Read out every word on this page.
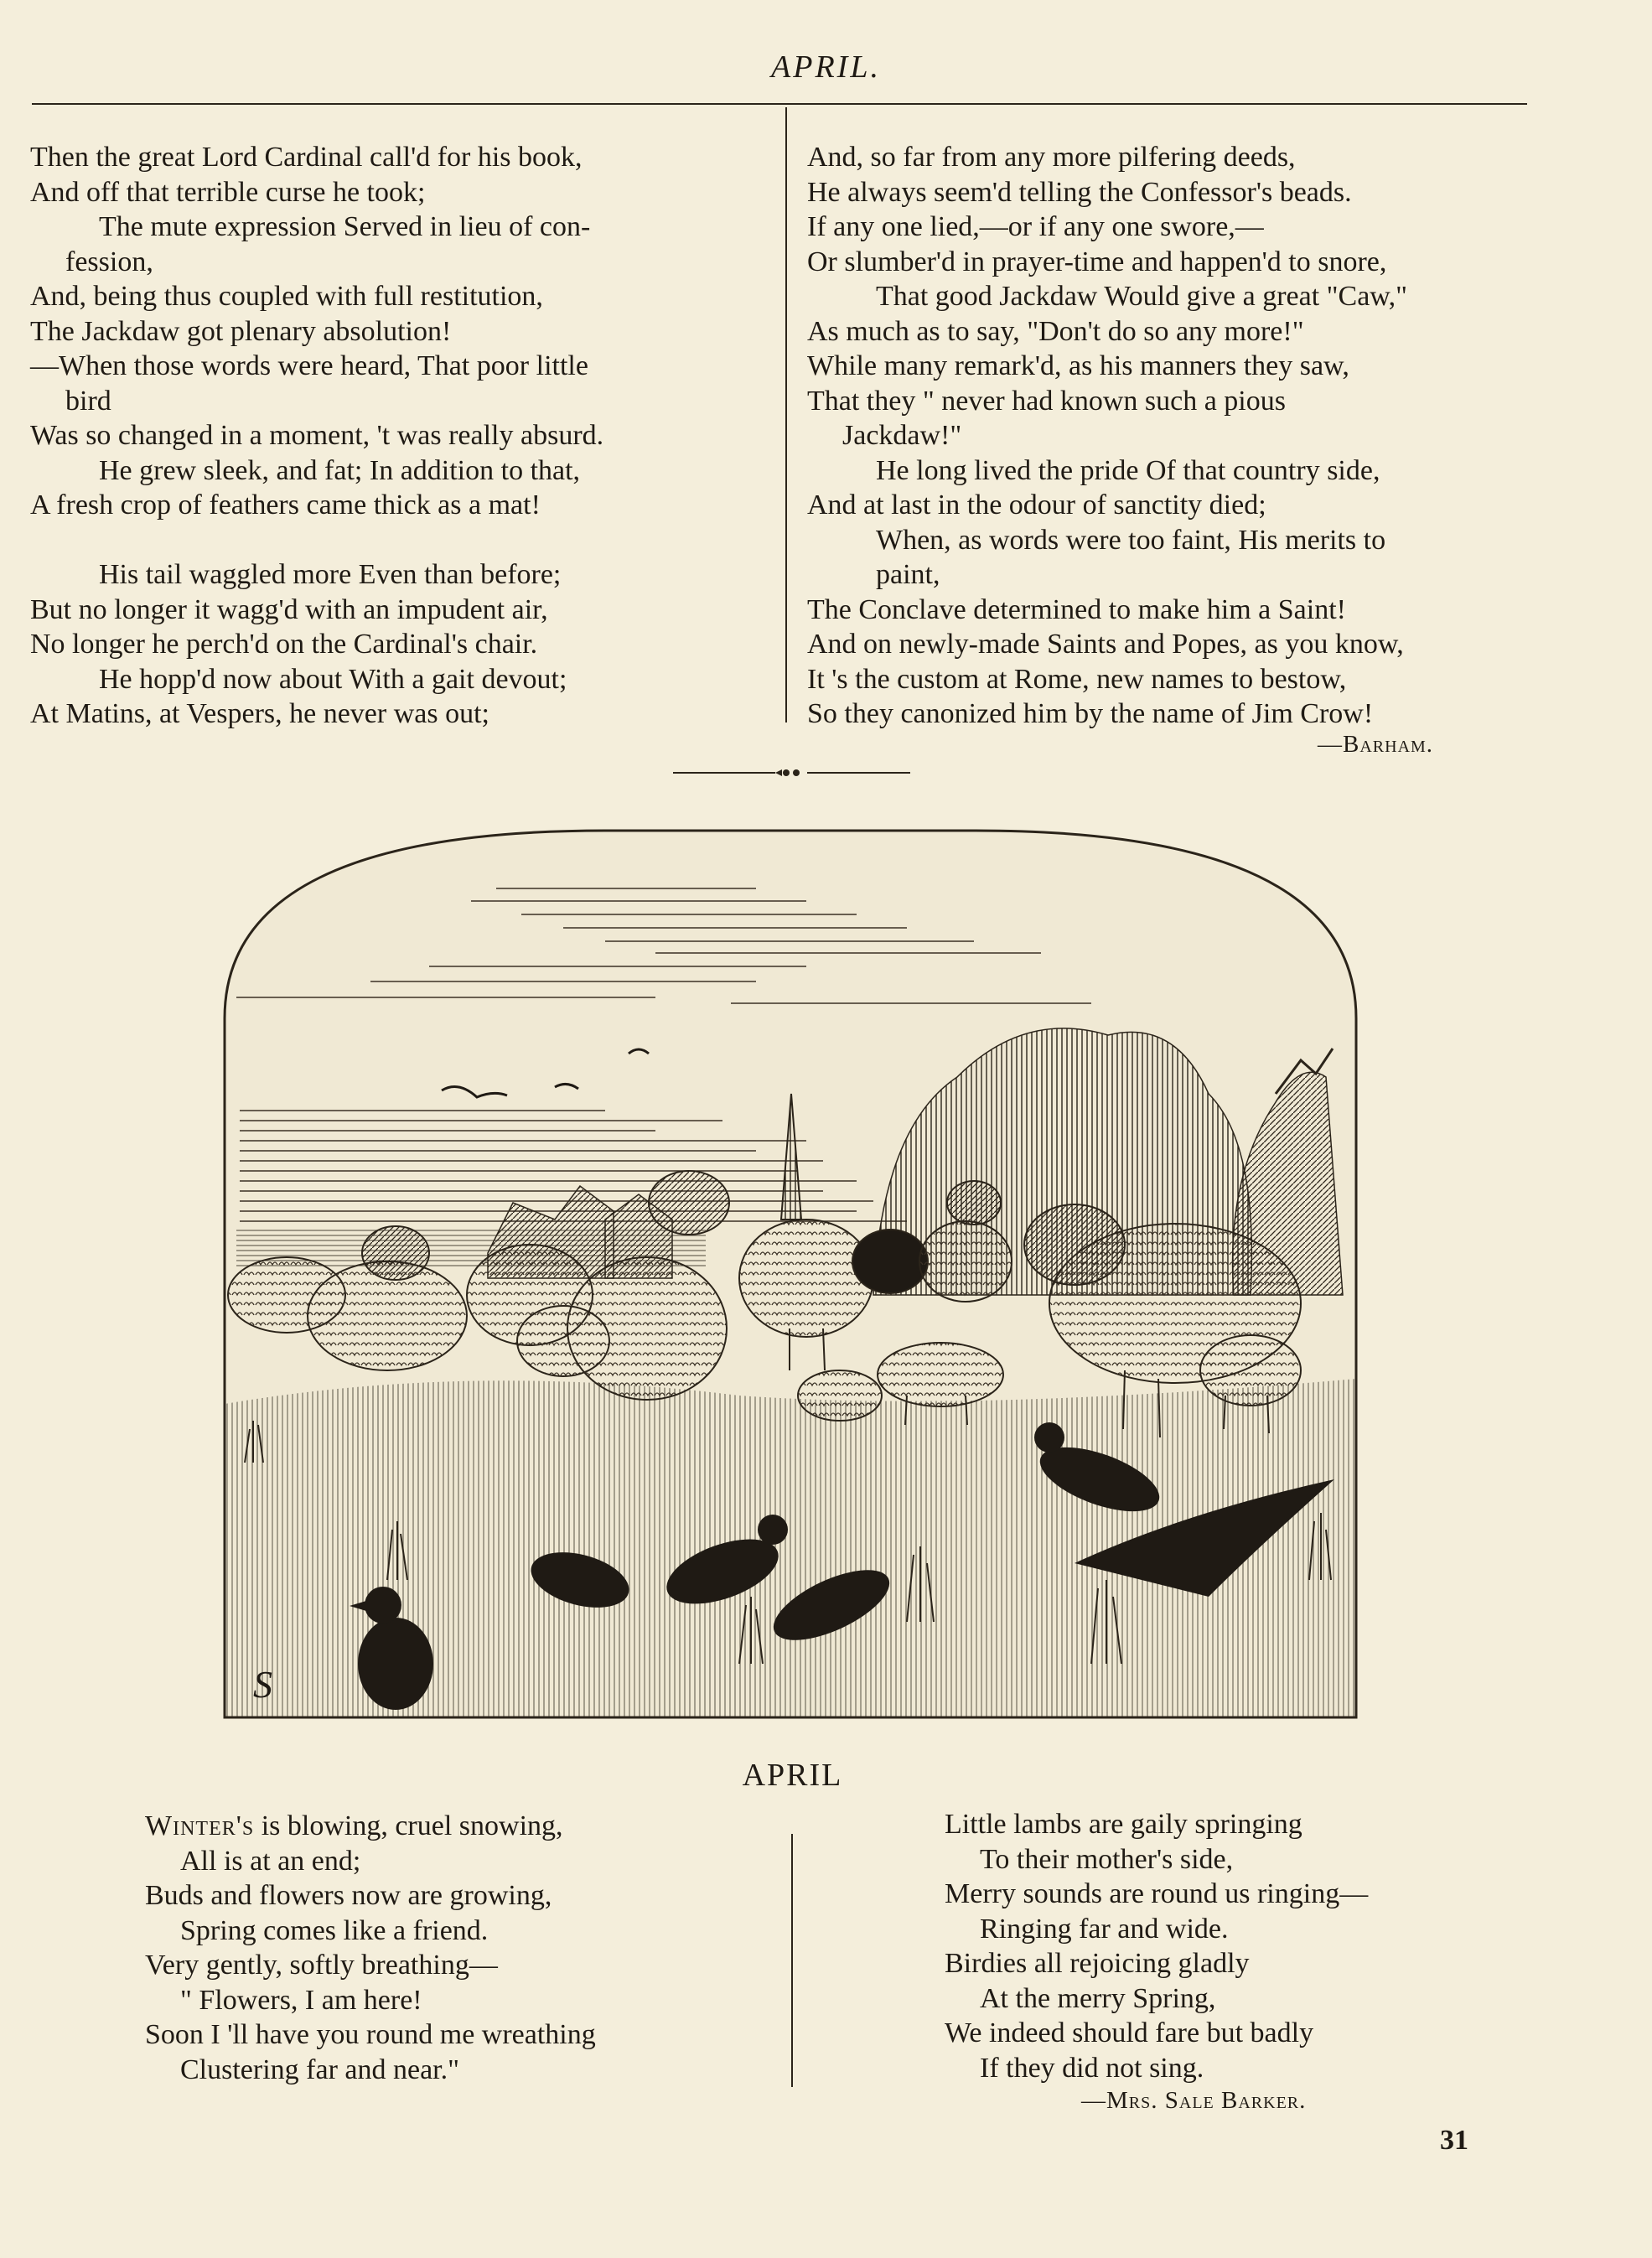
APRIL.
Then the great Lord Cardinal call'd for his book,
And off that terrible curse he took;
The mute expression Served in lieu of con-
fession,
And, being thus coupled with full restitution,
The Jackdaw got plenary absolution!
—When those words were heard, That poor little
bird
Was so changed in a moment, 't was really absurd.
He grew sleek, and fat; In addition to that,
A fresh crop of feathers came thick as a mat!
His tail waggled more Even than before;
But no longer it wagg'd with an impudent air,
No longer he perch'd on the Cardinal's chair.
He hopp'd now about With a gait devout;
At Matins, at Vespers, he never was out;
And, so far from any more pilfering deeds,
He always seem'd telling the Confessor's beads.
If any one lied,—or if any one swore,—
Or slumber'd in prayer-time and happen'd to snore,
That good Jackdaw Would give a great "Caw,"
As much as to say, "Don't do so any more!"
While many remark'd, as his manners they saw,
That they " never had known such a pious
Jackdaw!"
He long lived the pride Of that country side,
And at last in the odour of sanctity died;
When, as words were too faint, His merits to
paint,
The Conclave determined to make him a Saint!
And on newly-made Saints and Popes, as you know,
It 's the custom at Rome, new names to bestow,
So they canonized him by the name of Jim Crow!
—Barham.
S
APRIL
Winter's is blowing, cruel snowing,
All is at an end;
Buds and flowers now are growing,
Spring comes like a friend.
Very gently, softly breathing—
" Flowers, I am here!
Soon I 'll have you round me wreathing
Clustering far and near."
Little lambs are gaily springing
To their mother's side,
Merry sounds are round us ringing—
Ringing far and wide.
Birdies all rejoicing gladly
At the merry Spring,
We indeed should fare but badly
If they did not sing.
—Mrs. Sale Barker.
31
